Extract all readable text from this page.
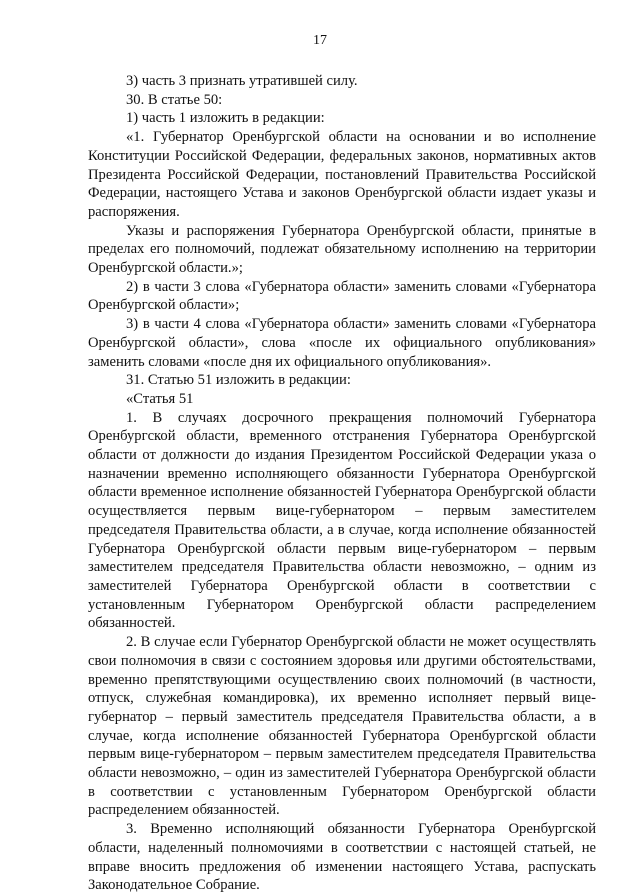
17

3) часть 3 признать утратившей силу.

30. В статье 50:

1) часть 1 изложить в редакции:

«1. Губернатор Оренбургской области на основании и во исполнение Конституции Российской Федерации, федеральных законов, нормативных актов Президента Российской Федерации, постановлений Правительства Российской Федерации, настоящего Устава и законов Оренбургской области издает указы и распоряжения.

Указы и распоряжения Губернатора Оренбургской области, принятые в пределах его полномочий, подлежат обязательному исполнению на территории Оренбургской области.»;

2) в части 3 слова «Губернатора области» заменить словами «Губернатора Оренбургской области»;

3) в части 4 слова «Губернатора области» заменить словами «Губернатора Оренбургской области», слова «после их официального опубликования» заменить словами «после дня их официального опубликования».

31. Статью 51 изложить в редакции:

«Статья 51

1. В случаях досрочного прекращения полномочий Губернатора Оренбургской области, временного отстранения Губернатора Оренбургской области от должности до издания Президентом Российской Федерации указа о назначении временно исполняющего обязанности Губернатора Оренбургской области временное исполнение обязанностей Губернатора Оренбургской области осуществляется первым вице-губернатором – первым заместителем председателя Правительства области, а в случае, когда исполнение обязанностей Губернатора Оренбургской области первым вице-губернатором – первым заместителем председателя Правительства области невозможно, – одним из заместителей Губернатора Оренбургской области в соответствии с установленным Губернатором Оренбургской области распределением обязанностей.

2. В случае если Губернатор Оренбургской области не может осуществлять свои полномочия в связи с состоянием здоровья или другими обстоятельствами, временно препятствующими осуществлению своих полномочий (в частности, отпуск, служебная командировка), их временно исполняет первый вице-губернатор – первый заместитель председателя Правительства области, а в случае, когда исполнение обязанностей Губернатора Оренбургской области первым вице-губернатором – первым заместителем председателя Правительства области невозможно, – один из заместителей Губернатора Оренбургской области в соответствии с установленным Губернатором Оренбургской области распределением обязанностей.

3. Временно исполняющий обязанности Губернатора Оренбургской области, наделенный полномочиями в соответствии с настоящей статьей, не вправе вносить предложения об изменении настоящего Устава, распускать Законодательное Собрание.
